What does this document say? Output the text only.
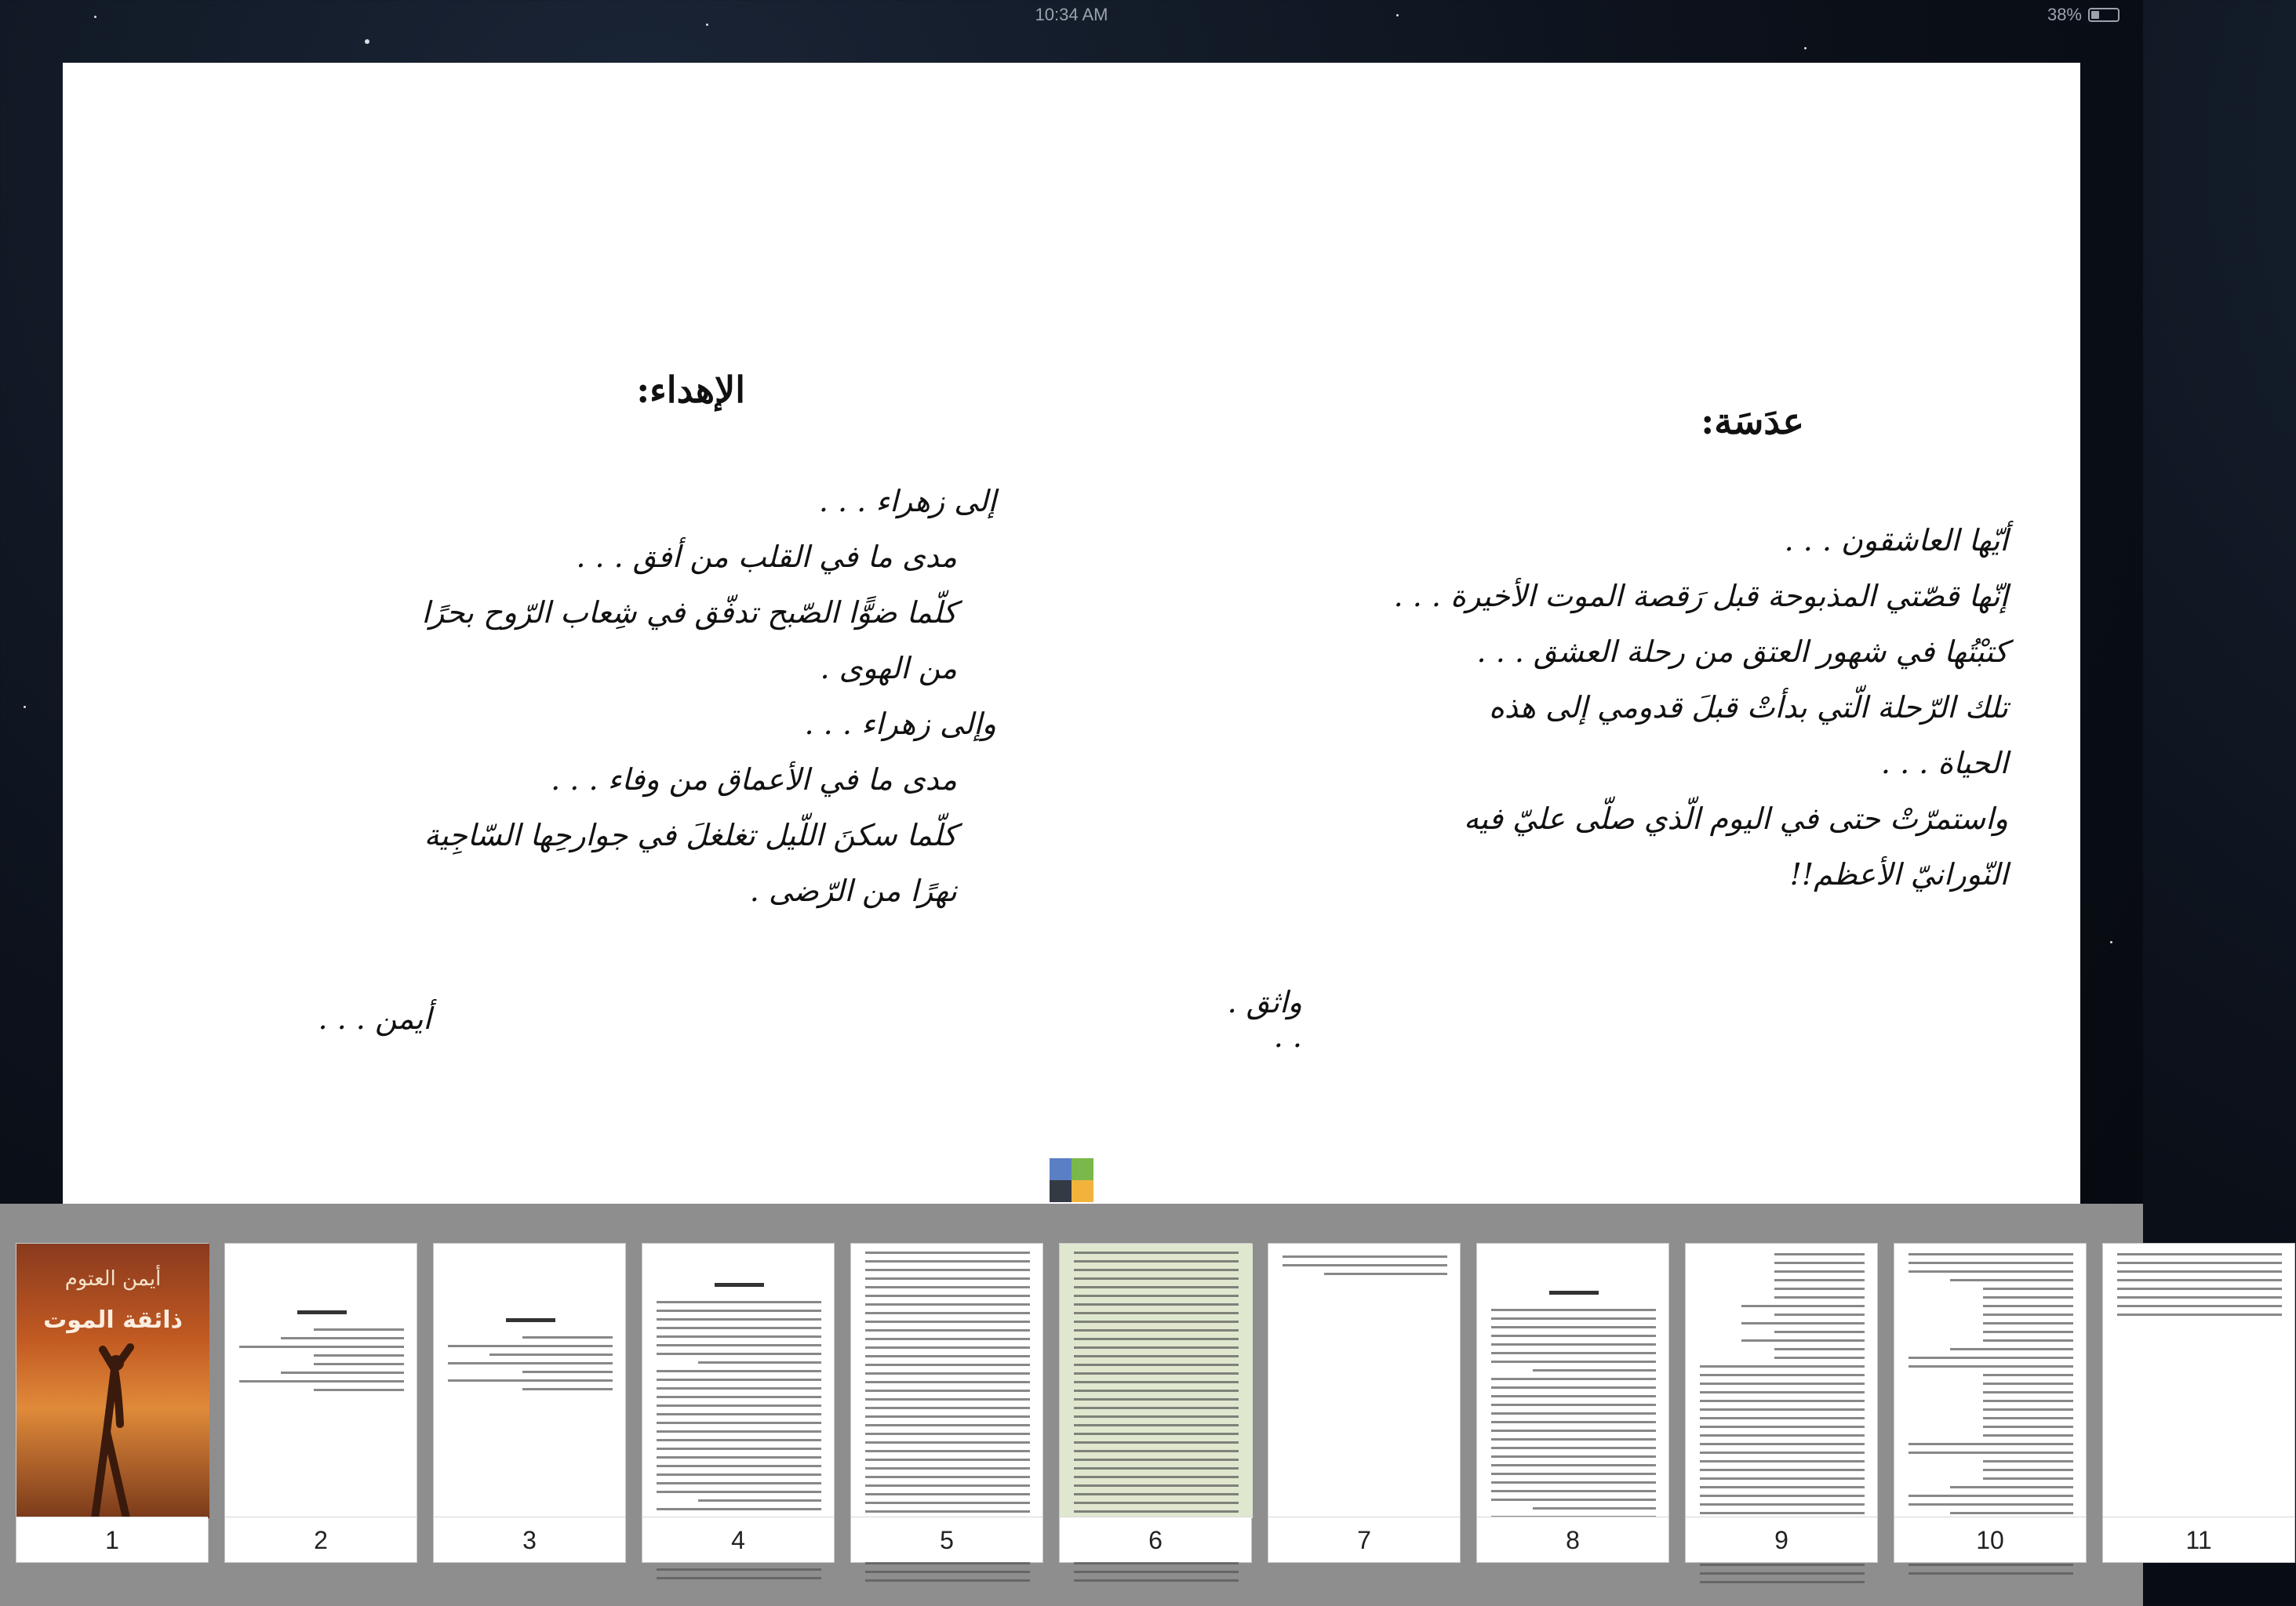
10:34 AM	38%
الإهداء:
إلى زهراء . . .
مدى ما في القلب من أفق . . .
كلّما ضوًّا الصّبح تدفّق في شِعاب الرّوح بحرًا
من الهوى .
وإلى زهراء . . .
مدى ما في الأعماق من وفاء . . .
كلّما سكنَ اللّيل تغلغلَ في جوارحِها السّاجِية
نهرًا من الرّضى .
أيمن . . .
عدَسَة:
أيّها العاشقون . . .
إنّها قصّتي المذبوحة قبل رَقصة الموت الأخيرة . . .
كتبْتُها في شهور العتق من رحلة العشق . . .
تلك الرّحلة الّتي بدأتْ قبلَ قدومي إلى هذه
الحياة . . .
واستمرّتْ حتى في اليوم الّذي صلّى عليّ فيه
النّورانيّ الأعظم!!
واثق . . .
أيمن العتوم
ذائقة الموت
1	2	3	4	5	6	7	8	9	10	11
